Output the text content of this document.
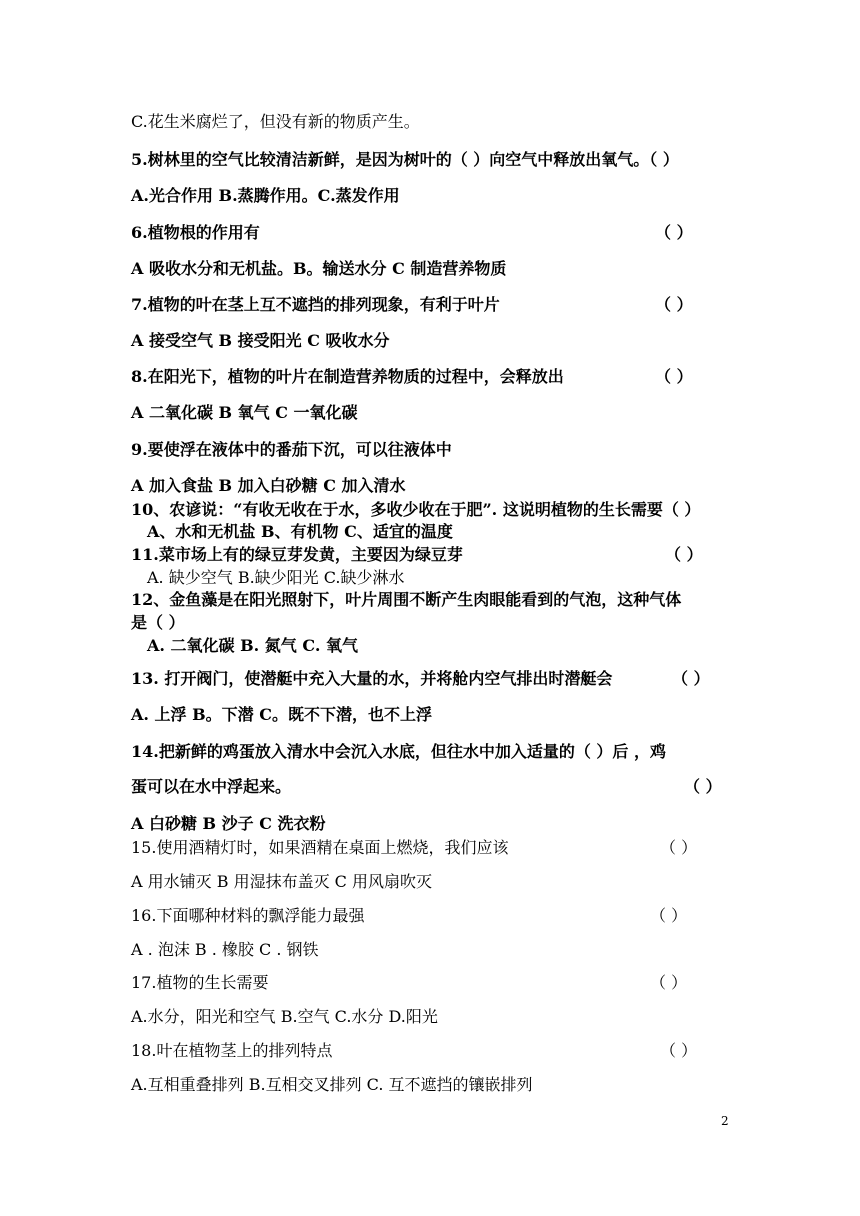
C.花生米腐烂了，但没有新的物质产生。
5.树林里的空气比较清洁新鲜，是因为树叶的（ ）向空气中释放出氧气。（ ）
A.光合作用 B.蒸腾作用。C.蒸发作用
6.植物根的作用有	（ ）
A 吸收水分和无机盐。B。输送水分 C 制造营养物质
7.植物的叶在茎上互不遮挡的排列现象，有利于叶片	（ ）
A 接受空气 B 接受阳光 C 吸收水分
8.在阳光下，植物的叶片在制造营养物质的过程中，会释放出	（ ）
A 二氧化碳 B 氧气 C 一氧化碳
9.要使浮在液体中的番茄下沉，可以往液体中
A 加入食盐 B 加入白砂糖 C 加入清水
10、农谚说：“有收无收在于水，多收少收在于肥”. 这说明植物的生长需要（ ）
A、水和无机盐 B、有机物 C、适宜的温度
11.菜市场上有的绿豆芽发黄，主要因为绿豆芽	（ ）
A. 缺少空气 B.缺少阳光 C.缺少淋水
12、金鱼藻是在阳光照射下，叶片周围不断产生肉眼能看到的气泡，这种气体
是（ ）
A. 二氧化碳 B. 氮气 C. 氧气
13. 打开阀门，使潜艇中充入大量的水，并将舱内空气排出时潜艇会	（ ）
A. 上浮 B。下潜 C。既不下潜，也不上浮
14.把新鲜的鸡蛋放入清水中会沉入水底，但往水中加入适量的（ ）后 ，鸡
蛋可以在水中浮起来。	（ ）
A 白砂糖 B 沙子 C 洗衣粉
15.使用酒精灯时，如果酒精在桌面上燃烧，我们应该	（ ）
A 用水铺灭 B 用湿抹布盖灭 C 用风扇吹灭
16.下面哪种材料的飘浮能力最强	（ ）
A . 泡沫 B . 橡胶 C . 钢铁
17.植物的生长需要	（ ）
A.水分，阳光和空气 B.空气 C.水分 D.阳光
18.叶在植物茎上的排列特点	（ ）
A.互相重叠排列 B.互相交叉排列 C. 互不遮挡的镶嵌排列
2
